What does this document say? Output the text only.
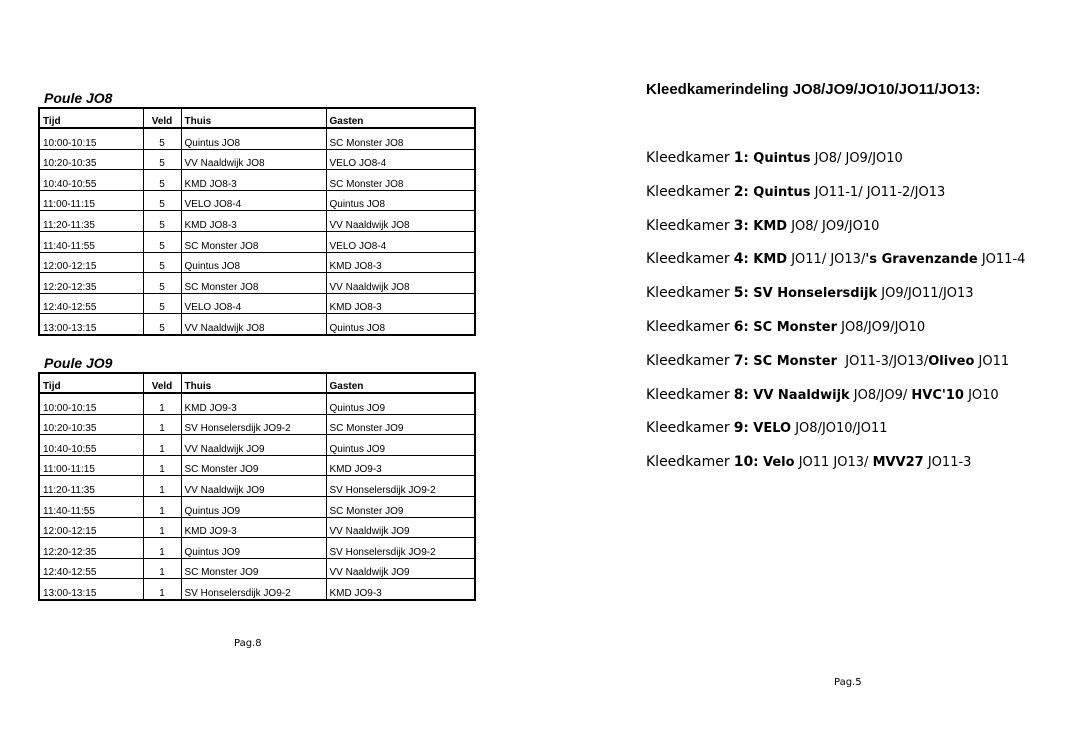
Poule JO8
Tijd	Veld	Thuis	Gasten
10:00-10:15	5	Quintus JO8	SC Monster JO8
10:20-10:35	5	VV Naaldwijk JO8	VELO JO8-4
10:40-10:55	5	KMD JO8-3	SC Monster JO8
11:00-11:15	5	VELO JO8-4	Quintus JO8
11:20-11:35	5	KMD JO8-3	VV Naaldwijk JO8
11:40-11:55	5	SC Monster JO8	VELO JO8-4
12:00-12:15	5	Quintus JO8	KMD JO8-3
12:20-12:35	5	SC Monster JO8	VV Naaldwijk JO8
12:40-12:55	5	VELO JO8-4	KMD JO8-3
13:00-13:15	5	VV Naaldwijk JO8	Quintus JO8
Poule JO9
Tijd	Veld	Thuis	Gasten
10:00-10:15	1	KMD JO9-3	Quintus JO9
10:20-10:35	1	SV Honselersdijk JO9-2	SC Monster JO9
10:40-10:55	1	VV Naaldwijk JO9	Quintus JO9
11:00-11:15	1	SC Monster JO9	KMD JO9-3
11:20-11:35	1	VV Naaldwijk JO9	SV Honselersdijk JO9-2
11:40-11:55	1	Quintus JO9	SC Monster JO9
12:00-12:15	1	KMD JO9-3	VV Naaldwijk JO9
12:20-12:35	1	Quintus JO9	SV Honselersdijk JO9-2
12:40-12:55	1	SC Monster JO9	VV Naaldwijk JO9
13:00-13:15	1	SV Honselersdijk JO9-2	KMD JO9-3
Pag.8
Kleedkamerindeling JO8/JO9/JO10/JO11/JO13:
Kleedkamer 1: Quintus JO8/ JO9/JO10
Kleedkamer 2: Quintus JO11-1/ JO11-2/JO13
Kleedkamer 3: KMD JO8/ JO9/JO10
Kleedkamer 4: KMD JO11/ JO13/'s Gravenzande JO11-4
Kleedkamer 5: SV Honselersdijk JO9/JO11/JO13
Kleedkamer 6: SC Monster JO8/JO9/JO10
Kleedkamer 7: SC Monster  JO11-3/JO13/Oliveo JO11
Kleedkamer 8: VV Naaldwijk JO8/JO9/ HVC'10 JO10
Kleedkamer 9: VELO JO8/JO10/JO11
Kleedkamer 10: Velo JO11 JO13/ MVV27 JO11-3
Pag.5
